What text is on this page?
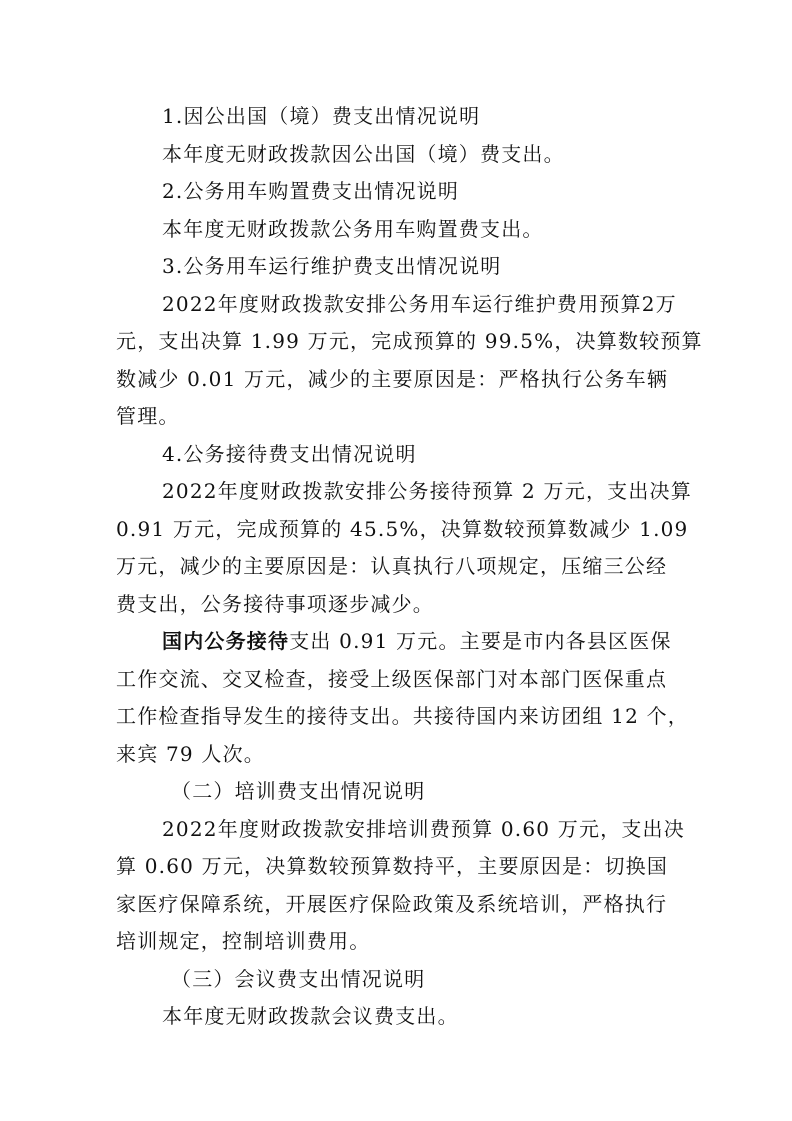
1.因公出国（境）费支出情况说明
本年度无财政拨款因公出国（境）费支出。
2.公务用车购置费支出情况说明
本年度无财政拨款公务用车购置费支出。
3.公务用车运行维护费支出情况说明
2022年度财政拨款安排公务用车运行维护费用预算2万
元，支出决算 1.99 万元，完成预算的 99.5%，决算数较预算
数减少 0.01 万元，减少的主要原因是：严格执行公务车辆
管理。
4.公务接待费支出情况说明
2022年度财政拨款安排公务接待预算 2 万元，支出决算
0.91 万元，完成预算的 45.5%，决算数较预算数减少 1.09
万元，减少的主要原因是：认真执行八项规定，压缩三公经
费支出，公务接待事项逐步减少。
国内公务接待支出 0.91 万元。主要是市内各县区医保
工作交流、交叉检查，接受上级医保部门对本部门医保重点
工作检查指导发生的接待支出。共接待国内来访团组 12 个，
来宾 79 人次。
（二）培训费支出情况说明
2022年度财政拨款安排培训费预算 0.60 万元，支出决
算 0.60 万元，决算数较预算数持平，主要原因是：切换国
家医疗保障系统，开展医疗保险政策及系统培训，严格执行
培训规定，控制培训费用。
（三）会议费支出情况说明
本年度无财政拨款会议费支出。
